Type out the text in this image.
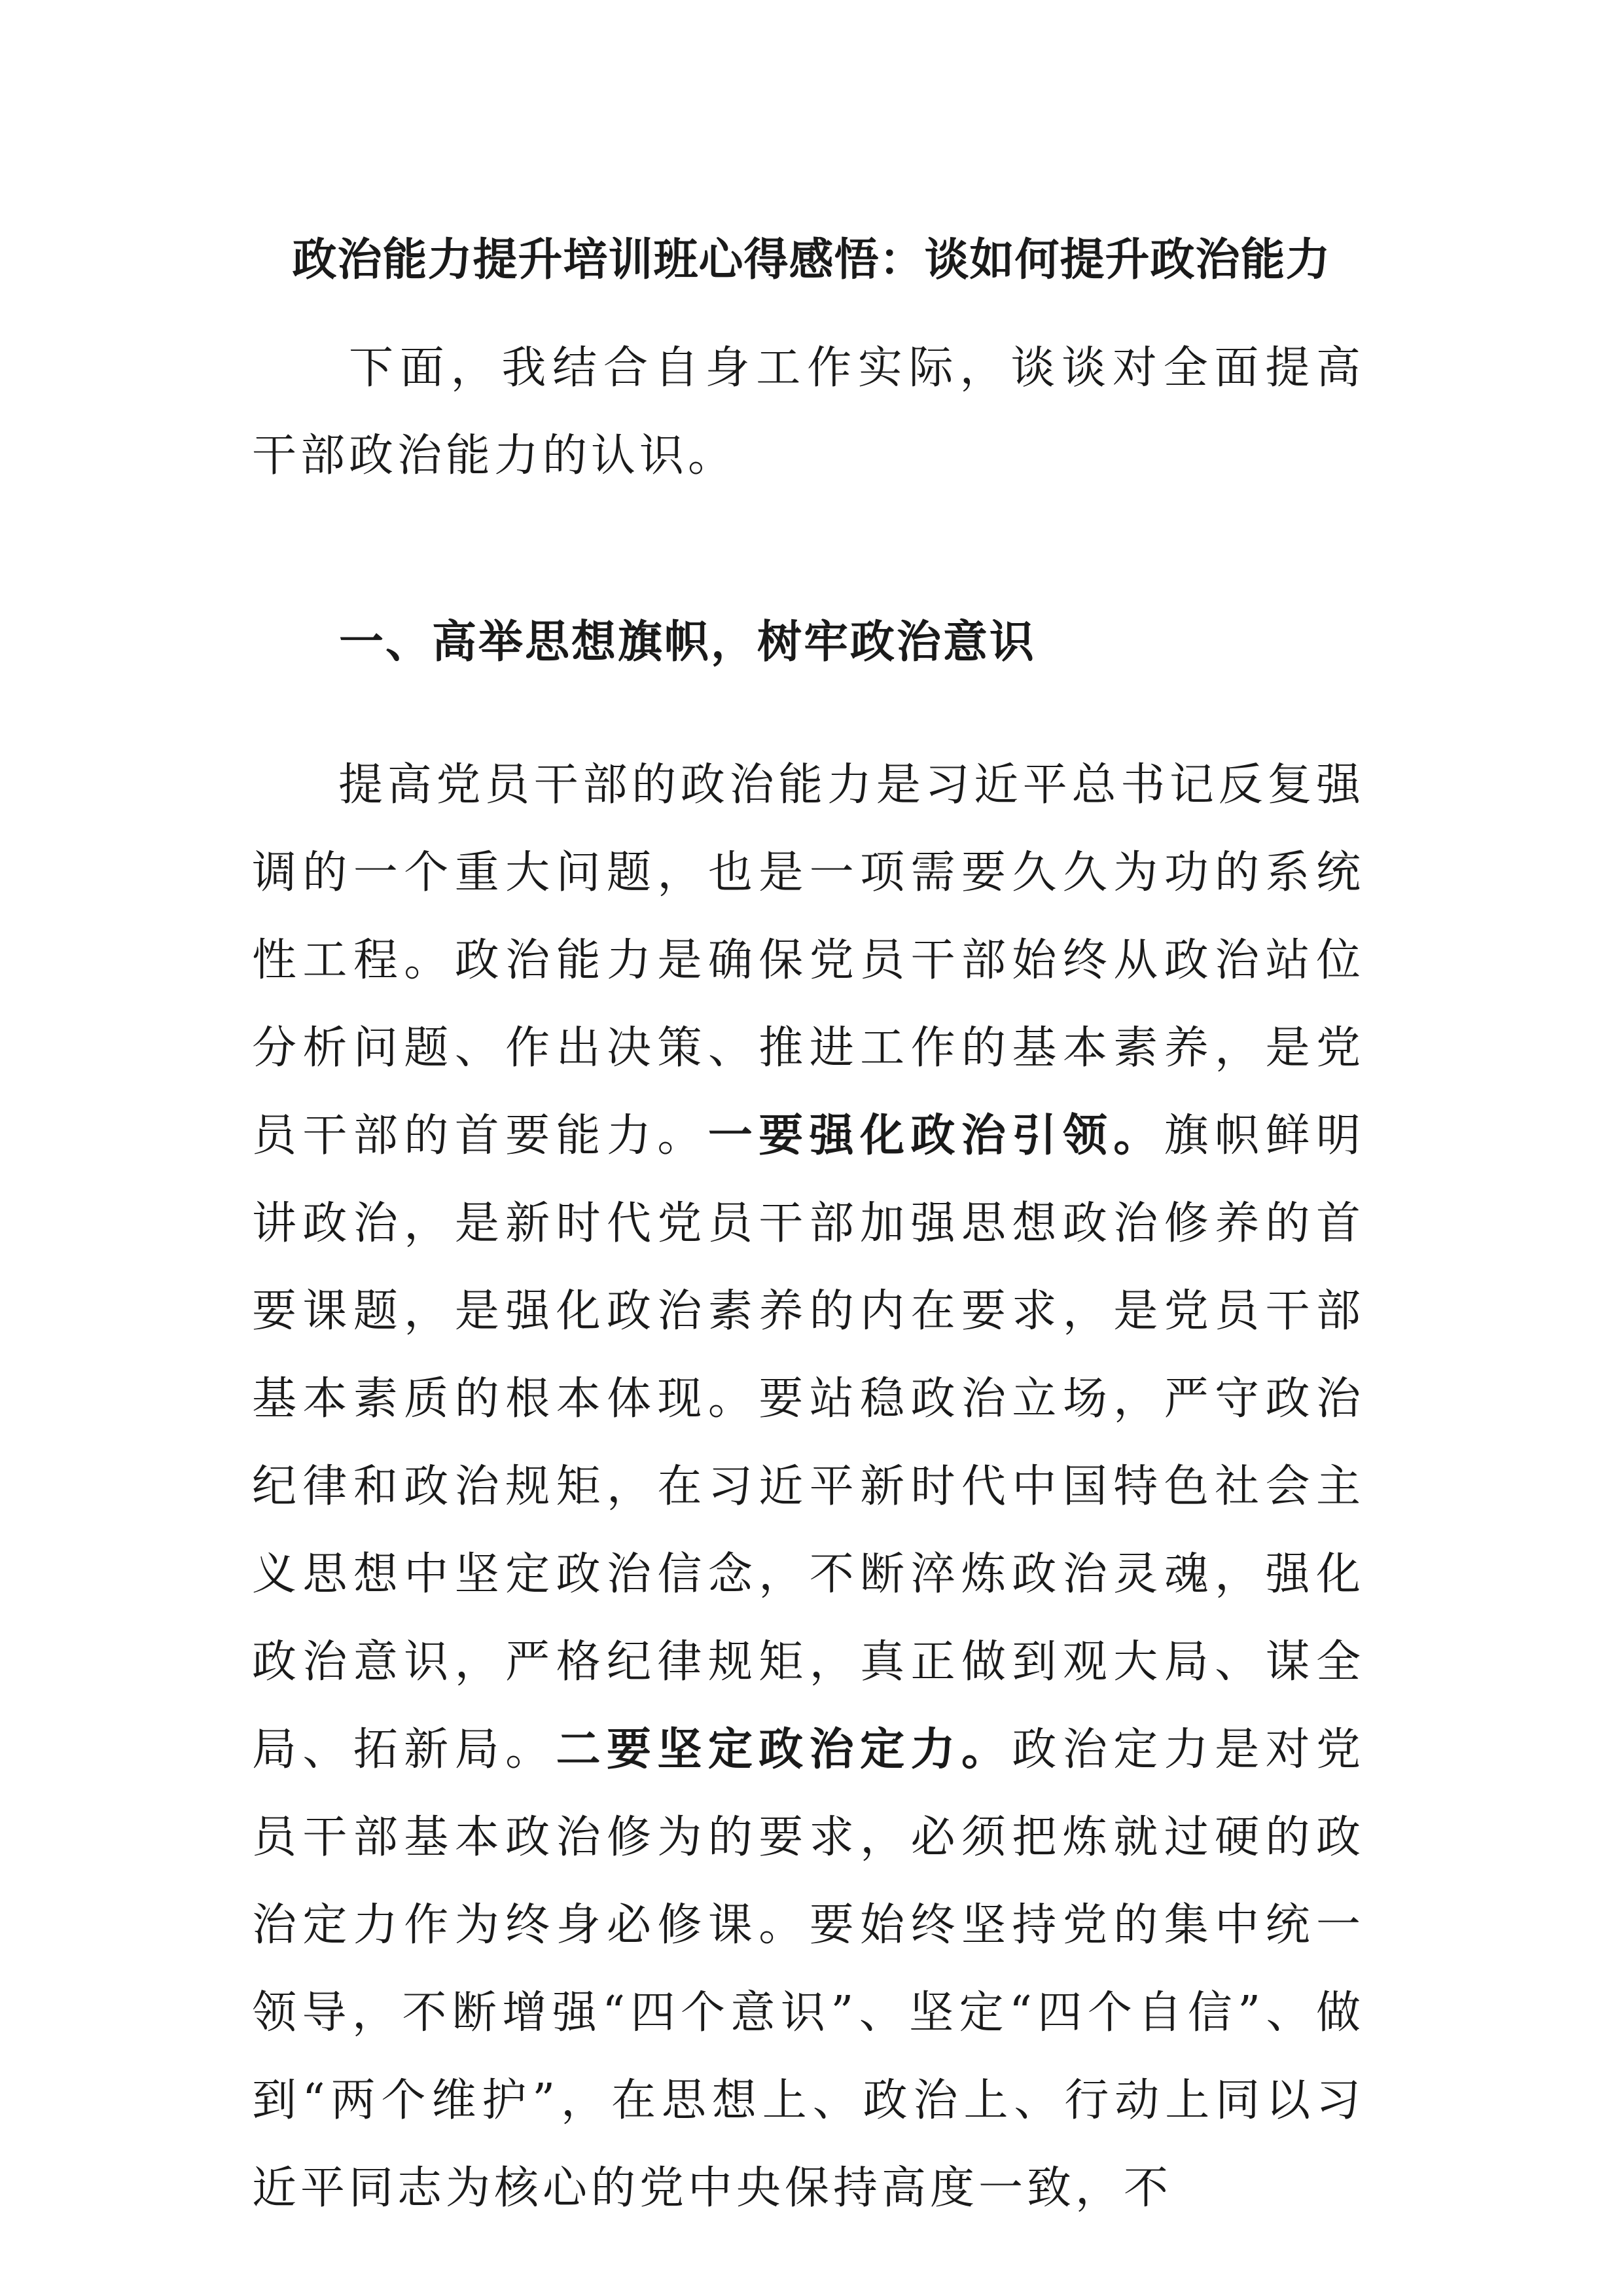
政治能力提升培训班心得感悟：谈如何提升政治能力

下面，我结合自身工作实际，谈谈对全面提高干部政治能力的认识。

一、高举思想旗帜，树牢政治意识

提高党员干部的政治能力是习近平总书记反复强调的一个重大问题，也是一项需要久久为功的系统性工程。政治能力是确保党员干部始终从政治站位分析问题、作出决策、推进工作的基本素养，是党员干部的首要能力。一要强化政治引领。旗帜鲜明讲政治，是新时代党员干部加强思想政治修养的首要课题，是强化政治素养的内在要求，是党员干部基本素质的根本体现。要站稳政治立场，严守政治纪律和政治规矩，在习近平新时代中国特色社会主义思想中坚定政治信念，不断淬炼政治灵魂，强化政治意识，严格纪律规矩，真正做到观大局、谋全局、拓新局。二要坚定政治定力。政治定力是对党员干部基本政治修为的要求，必须把炼就过硬的政治定力作为终身必修课。要始终坚持党的集中统一领导，不断增强“四个意识”、坚定“四个自信”、做到“两个维护”，在思想上、政治上、行动上同以习近平同志为核心的党中央保持高度一致，不
